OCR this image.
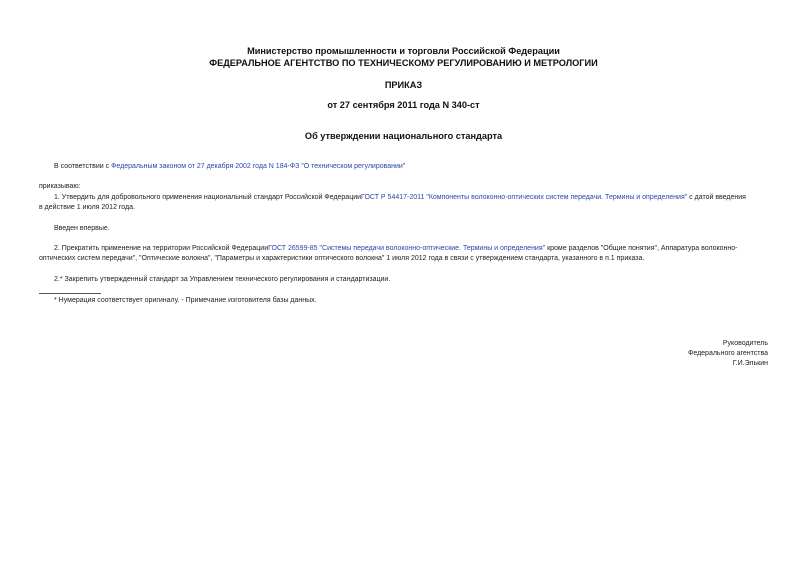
Министерство промышленности и торговли Российской Федерации
ФЕДЕРАЛЬНОЕ АГЕНТСТВО ПО ТЕХНИЧЕСКОМУ РЕГУЛИРОВАНИЮ И МЕТРОЛОГИИ
ПРИКАЗ
от 27 сентября 2011 года N 340-ст
Об утверждении национального стандарта
В соответствии с Федеральным законом от 27 декабря 2002 года N 184-ФЗ "О техническом регулировании"
приказываю:
1. Утвердить для добровольного применения национальный стандарт Российской ФедерацииГОСТ Р 54417-2011 "Компоненты волоконно-оптических систем передачи. Термины и определения" с датой введения
в действие 1 июля 2012 года.
Введен впервые.
2. Прекратить применение на территории Российской ФедерацииГОСТ 26599-85 "Системы передачи волоконно-оптические. Термины и определения" кроме разделов "Общие понятия", Аппаратура волоконно-
оптических систем передачи", "Оптические волокна", "Параметры и характеристики оптического волокна" 1 июля 2012 года в связи с утверждением стандарта, указанного в п.1 приказа.
2.* Закрепить утвержденный стандарт за Управлением технического регулирования и стандартизации.
* Нумерация соответствует оригиналу. - Примечание изготовителя базы данных.
Руководитель
Федерального агентства
Г.И.Элькин
